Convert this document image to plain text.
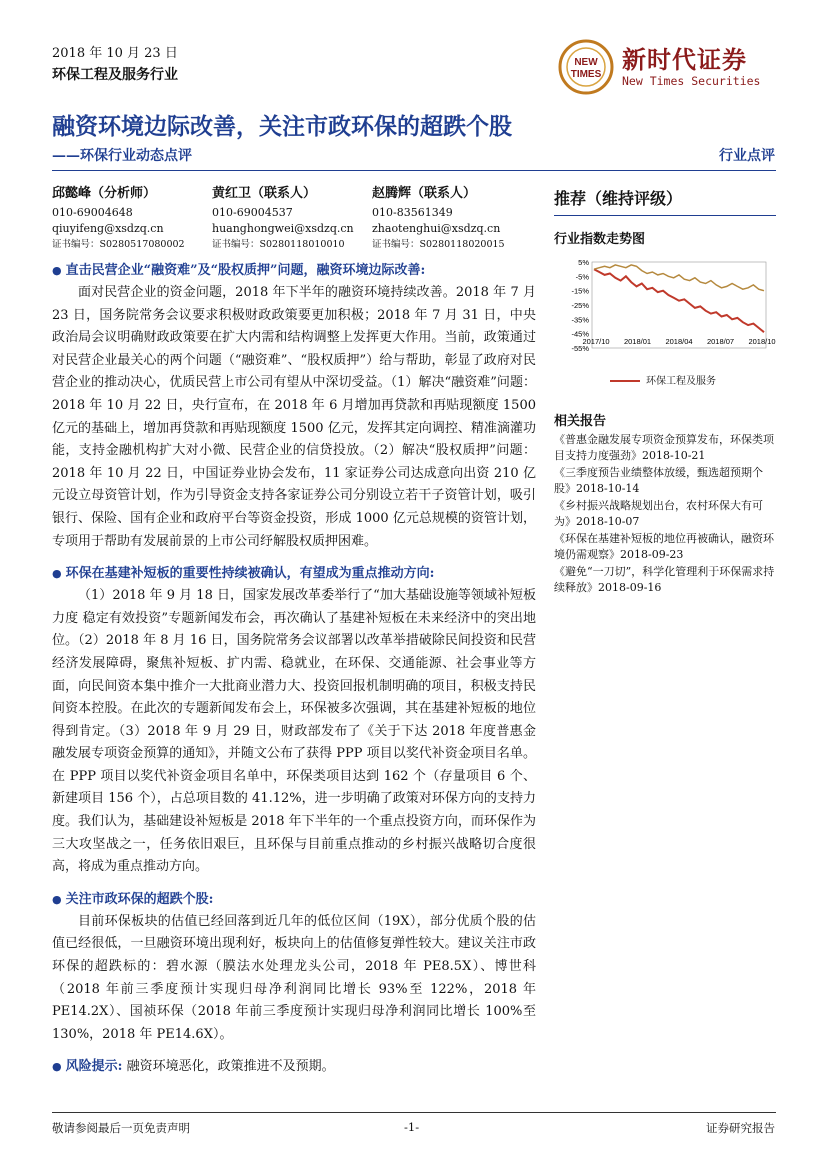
2018 年 10 月 23 日
环保工程及服务行业
NEW
TIMES
新时代证券
New Times Securities
融资环境边际改善，关注市政环保的超跌个股
——环保行业动态点评	行业点评
邱懿峰（分析师）
010-69004648
qiuyifeng@xsdzq.cn
证书编号：S0280517080002
黄红卫（联系人）
010-69004537
huanghongwei@xsdzq.cn
证书编号：S0280118010010
赵腾辉（联系人）
010-83561349
zhaotenghui@xsdzq.cn
证书编号：S0280118020015
● 直击民营企业“融资难”及“股权质押”问题，融资环境边际改善:

面对民营企业的资金问题，2018 年下半年的融资环境持续改善。2018 年 7 月 23 日，国务院常务会议要求积极财政政策要更加积极；2018 年 7 月 31 日，中央政治局会议明确财政政策要在扩大内需和结构调整上发挥更大作用。当前，政策通过对民营企业最关心的两个问题（“融资难”、“股权质押”）给与帮助，彰显了政府对民营企业的推动决心，优质民营上市公司有望从中深切受益。（1）解决“融资难”问题：2018 年 10 月 22 日，央行宣布，在 2018 年 6 月增加再贷款和再贴现额度 1500 亿元的基础上，增加再贷款和再贴现额度 1500 亿元，发挥其定向调控、精准滴灌功能，支持金融机构扩大对小微、民营企业的信贷投放。（2）解决“股权质押”问题：2018 年 10 月 22 日，中国证券业协会发布，11 家证券公司达成意向出资 210 亿元设立母资管计划，作为引导资金支持各家证券公司分别设立若干子资管计划，吸引银行、保险、国有企业和政府平台等资金投资，形成 1000 亿元总规模的资管计划，专项用于帮助有发展前景的上市公司纾解股权质押困难。

● 环保在基建补短板的重要性持续被确认，有望成为重点推动方向:

（1）2018 年 9 月 18 日，国家发展改革委举行了“加大基础设施等领域补短板力度 稳定有效投资”专题新闻发布会，再次确认了基建补短板在未来经济中的突出地位。（2）2018 年 8 月 16 日，国务院常务会议部署以改革举措破除民间投资和民营经济发展障碍，聚焦补短板、扩内需、稳就业，在环保、交通能源、社会事业等方面，向民间资本集中推介一大批商业潜力大、投资回报机制明确的项目，积极支持民间资本控股。在此次的专题新闻发布会上，环保被多次强调，其在基建补短板的地位得到肯定。（3）2018 年 9 月 29 日，财政部发布了《关于下达 2018 年度普惠金融发展专项资金预算的通知》，并随文公布了获得 PPP 项目以奖代补资金项目名单。在 PPP 项目以奖代补资金项目名单中，环保类项目达到 162 个（存量项目 6 个、新建项目 156 个），占总项目数的 41.12%，进一步明确了政策对环保方向的支持力度。我们认为，基础建设补短板是 2018 年下半年的一个重点投资方向，而环保作为三大攻坚战之一，任务依旧艰巨，且环保与目前重点推动的乡村振兴战略切合度很高，将成为重点推动方向。

● 关注市政环保的超跌个股:

目前环保板块的估值已经回落到近几年的低位区间（19X），部分优质个股的估值已经很低，一旦融资环境出现利好，板块向上的估值修复弹性较大。建议关注市政环保的超跌标的：碧水源（膜法水处理龙头公司，2018 年 PE8.5X）、博世科（2018 年前三季度预计实现归母净利润同比增长 93%至 122%，2018 年 PE14.2X）、国祯环保（2018 年前三季度预计实现归母净利润同比增长 100%至 130%，2018 年 PE14.6X）。

● 风险提示: 融资环境恶化，政策推进不及预期。
推荐（维持评级）
行业指数走势图
5%
-5%
-15%
-25%
-35%
-45%
-55%
2017/10 2018/01 2018/04 2018/07 2018/10
环保工程及服务
相关报告
《普惠金融发展专项资金预算发布，环保类项目支持力度强劲》2018-10-21
《三季度预告业绩整体放缓，甄选超预期个股》2018-10-14
《乡村振兴战略规划出台，农村环保大有可为》2018-10-07
《环保在基建补短板的地位再被确认，融资环境仍需观察》2018-09-23
《避免“一刀切”，科学化管理利于环保需求持续释放》2018-09-16
敬请参阅最后一页免责声明	-1-	证券研究报告
